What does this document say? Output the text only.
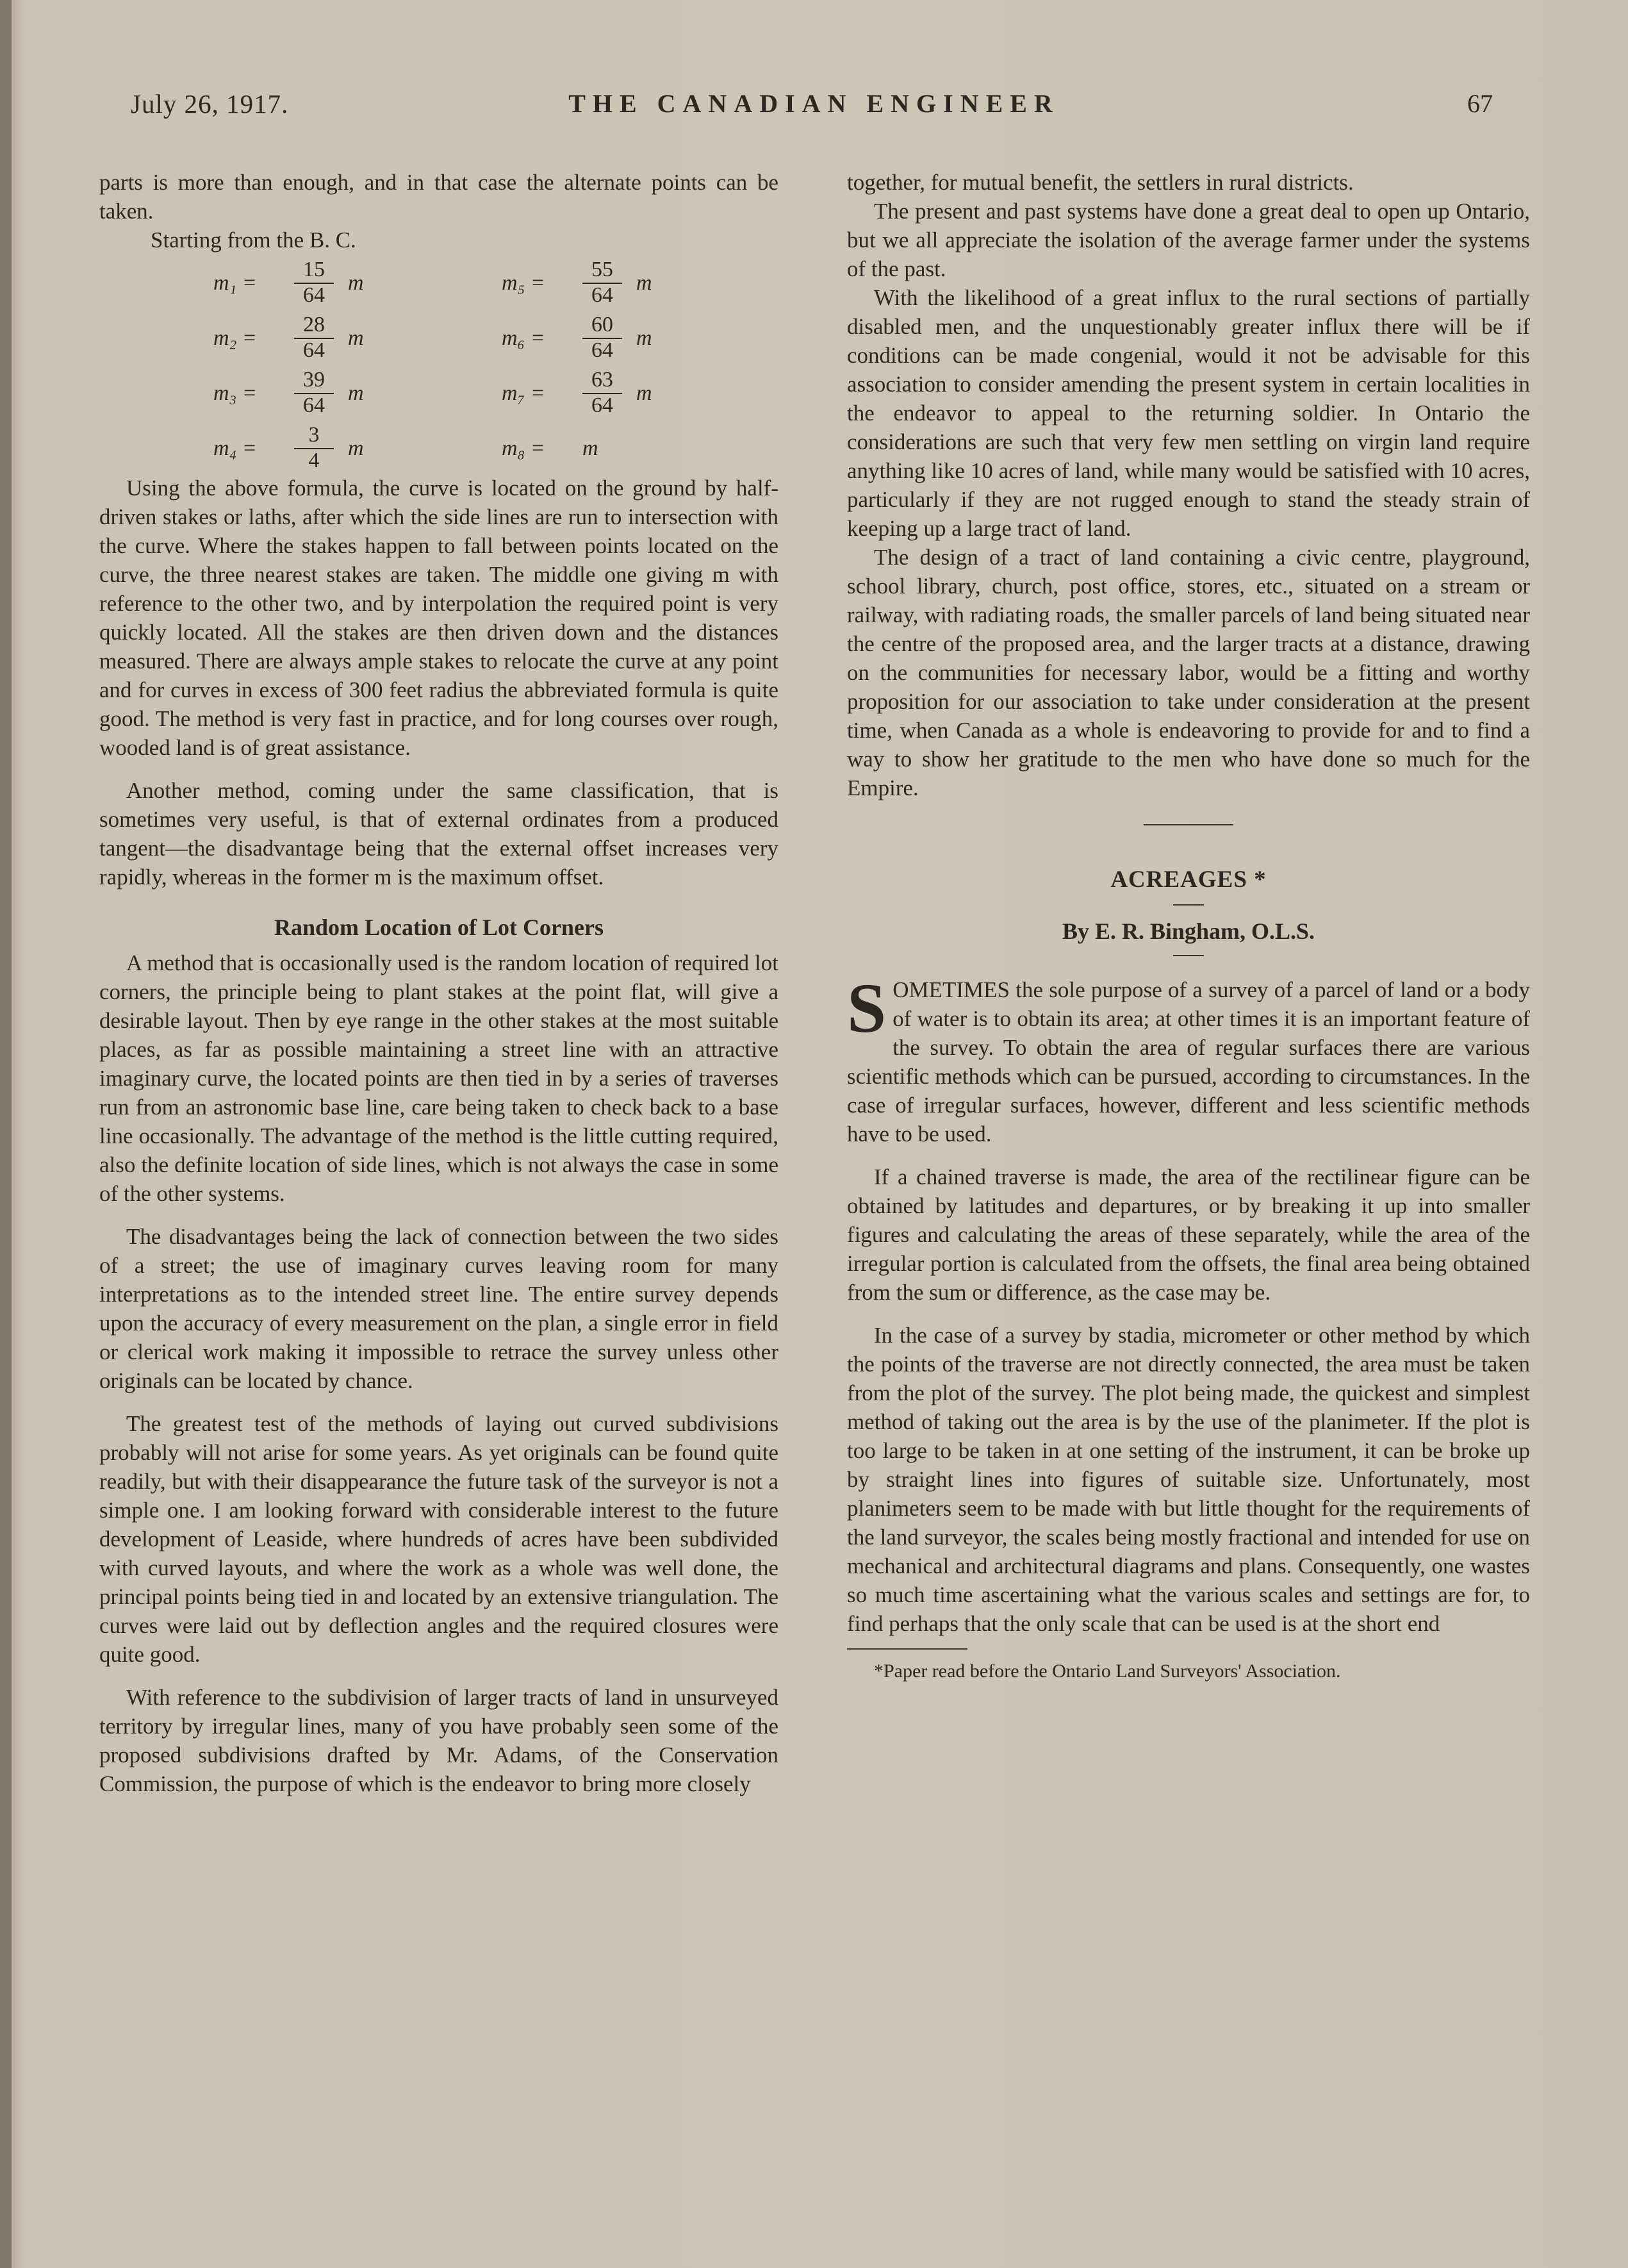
July 26, 1917.	THE CANADIAN ENGINEER	67

parts is more than enough, and in that case the alternate points can be taken.

Starting from the B. C.

$m_1 = \frac{15}{64}$ m
$m_2 = \frac{28}{64}$ m
$m_3 = \frac{39}{64}$ m
$m_4 = \frac{3}{4}$ m
$m_5 = \frac{55}{64}$ m
$m_6 = \frac{60}{64}$ m
$m_7 = \frac{63}{64}$ m
m₈ = m

Using the above formula, the curve is located on the ground by half-driven stakes or laths, after which the side lines are run to intersection with the curve. Where the stakes happen to fall between points located on the curve, the three nearest stakes are taken. The middle one giving m with reference to the other two, and by interpolation the required point is very quickly located. All the stakes are then driven down and the distances measured. There are always ample stakes to relocate the curve at any point and for curves in excess of 300 feet radius the abbreviated formula is quite good. The method is very fast in practice, and for long courses over rough, wooded land is of great assistance.

Another method, coming under the same classification, that is sometimes very useful, is that of external ordinates from a produced tangent—the disadvantage being that the external offset increases very rapidly, whereas in the former m is the maximum offset.

Random Location of Lot Corners

A method that is occasionally used is the random location of required lot corners, the principle being to plant stakes at the point flat, will give a desirable layout. Then by eye range in the other stakes at the most suitable places, as far as possible maintaining a street line with an attractive imaginary curve, the located points are then tied in by a series of traverses run from an astronomic base line, care being taken to check back to a base line occasionally. The advantage of the method is the little cutting required, also the definite location of side lines, which is not always the case in some of the other systems.

The disadvantages being the lack of connection between the two sides of a street; the use of imaginary curves leaving room for many interpretations as to the intended street line. The entire survey depends upon the accuracy of every measurement on the plan, a single error in field or clerical work making it impossible to retrace the survey unless other originals can be located by chance.

The greatest test of the methods of laying out curved subdivisions probably will not arise for some years. As yet originals can be found quite readily, but with their disappearance the future task of the surveyor is not a simple one. I am looking forward with considerable interest to the future development of Leaside, where hundreds of acres have been subdivided with curved layouts, and where the work as a whole was well done, the principal points being tied in and located by an extensive triangulation. The curves were laid out by deflection angles and the required closures were quite good.

With reference to the subdivision of larger tracts of land in unsurveyed territory by irregular lines, many of you have probably seen some of the proposed subdivisions drafted by Mr. Adams, of the Conservation Commission, the purpose of which is the endeavor to bring more closely

together, for mutual benefit, the settlers in rural districts.

The present and past systems have done a great deal to open up Ontario, but we all appreciate the isolation of the average farmer under the systems of the past.

With the likelihood of a great influx to the rural sections of partially disabled men, and the unquestionably greater influx there will be if conditions can be made congenial, would it not be advisable for this association to consider amending the present system in certain localities in the endeavor to appeal to the returning soldier. In Ontario the considerations are such that very few men settling on virgin land require anything like 10 acres of land, while many would be satisfied with 10 acres, particularly if they are not rugged enough to stand the steady strain of keeping up a large tract of land.

The design of a tract of land containing a civic centre, playground, school library, church, post office, stores, etc., situated on a stream or railway, with radiating roads, the smaller parcels of land being situated near the centre of the proposed area, and the larger tracts at a distance, drawing on the communities for necessary labor, would be a fitting and worthy proposition for our association to take under consideration at the present time, when Canada as a whole is endeavoring to provide for and to find a way to show her gratitude to the men who have done so much for the Empire.

ACREAGES *
By E. R. Bingham, O.L.S.

SOMETIMES the sole purpose of a survey of a parcel of land or a body of water is to obtain its area; at other times it is an important feature of the survey. To obtain the area of regular surfaces there are various scientific methods which can be pursued, according to circumstances. In the case of irregular surfaces, however, different and less scientific methods have to be used.

If a chained traverse is made, the area of the rectilinear figure can be obtained by latitudes and departures, or by breaking it up into smaller figures and calculating the areas of these separately, while the area of the irregular portion is calculated from the offsets, the final area being obtained from the sum or difference, as the case may be.

In the case of a survey by stadia, micrometer or other method by which the points of the traverse are not directly connected, the area must be taken from the plot of the survey. The plot being made, the quickest and simplest method of taking out the area is by the use of the planimeter. If the plot is too large to be taken in at one setting of the instrument, it can be broke up by straight lines into figures of suitable size. Unfortunately, most planimeters seem to be made with but little thought for the requirements of the land surveyor, the scales being mostly fractional and intended for use on mechanical and architectural diagrams and plans. Consequently, one wastes so much time ascertaining what the various scales and settings are for, to find perhaps that the only scale that can be used is at the short end

*Paper read before the Ontario Land Surveyors' Association.
